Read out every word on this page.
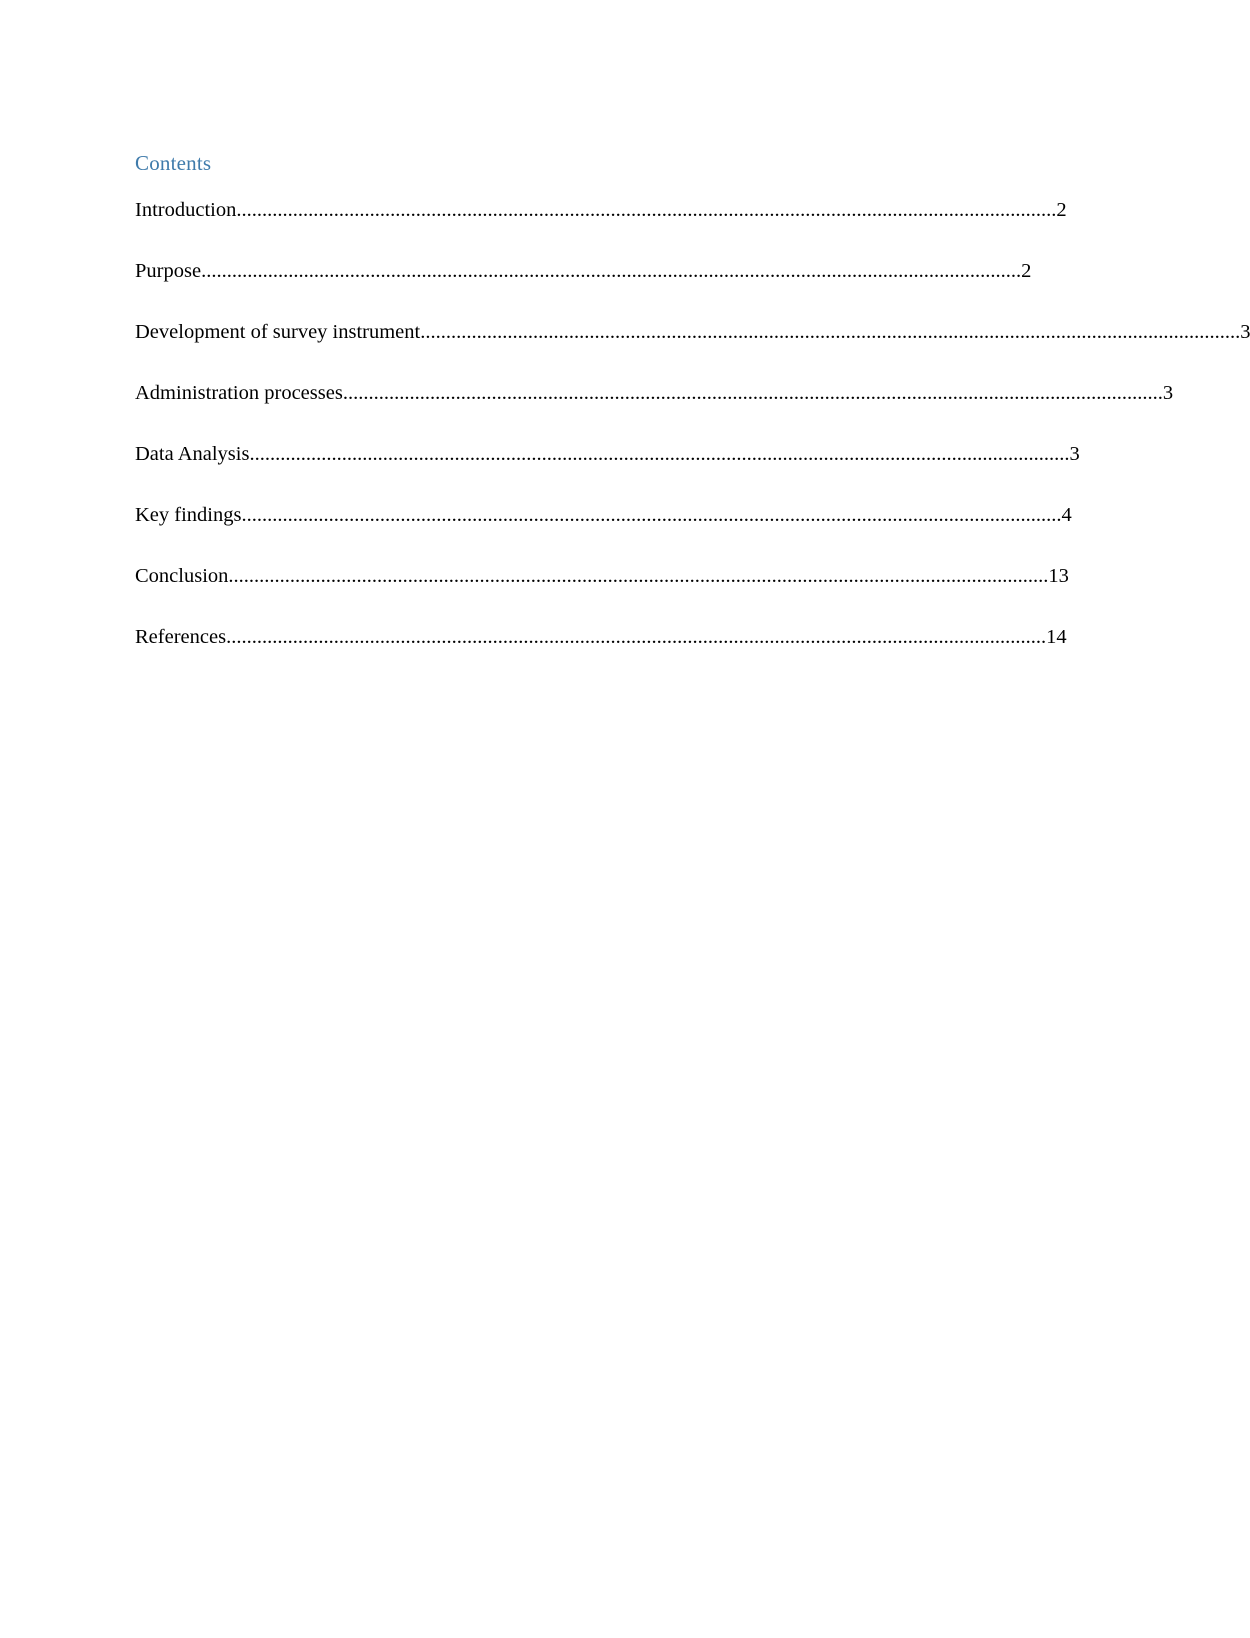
Contents
Introduction ................................................................................................................................................................ 2
Purpose ................................................................................................................................................................ 2
Development of survey instrument ................................................................................................................................................................ 3
Administration processes ................................................................................................................................................................ 3
Data Analysis ................................................................................................................................................................ 3
Key findings ................................................................................................................................................................ 4
Conclusion ................................................................................................................................................................ 13
References ................................................................................................................................................................ 14
